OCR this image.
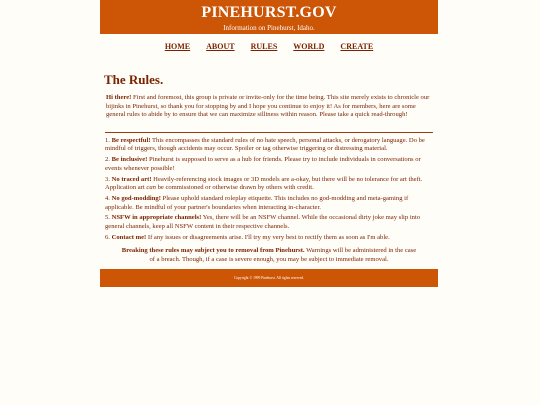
PINEHURST.GOV
Information on Pinehurst, Idaho.
HOME ABOUT RULES WORLD CREATE
The Rules.
Hi there! First and foremost, this group is private or invite-only for the time being. This site merely exists to chronicle our bijinks in Pinehurst, so thank you for stopping by and I hope you continue to enjoy it! As for members, here are some general rules to abide by to ensure that we can maximize silliness within reason. Please take a quick read-through!
1. Be respectful! This encompasses the standard rules of no hate speech, personal attacks, or derogatory language. Do be mindful of triggers, though accidents may occur. Spoiler or tag otherwise triggering or distressing material.
2. Be inclusive! Pinehurst is supposed to serve as a hub for friends. Please try to include individuals in conversations or events whenever possible!
3. No traced art! Heavily-referencing stock images or 3D models are a-okay, but there will be no tolerance for art theft. Application art can be commissioned or otherwise drawn by others with credit.
4. No god-modding! Please uphold standard roleplay etiquette. This includes no god-modding and meta-gaming if applicable. Be mindful of your partner's boundaries when interacting in-character.
5. NSFW in appropriate channels! Yes, there will be an NSFW channel. While the occasional dirty joke may slip into general channels, keep all NSFW content in their respective channels.
6. Contact me! If any issues or disagreements arise. I'll try my very best to rectify them as soon as I'm able.
Breaking these rules may subject you to removal from Pinehurst. Warnings will be administered in the case of a breach. Though, if a case is severe enough, you may be subject to immediate removal.
Copyright © 1999 Pinehurst. All rights reserved.
